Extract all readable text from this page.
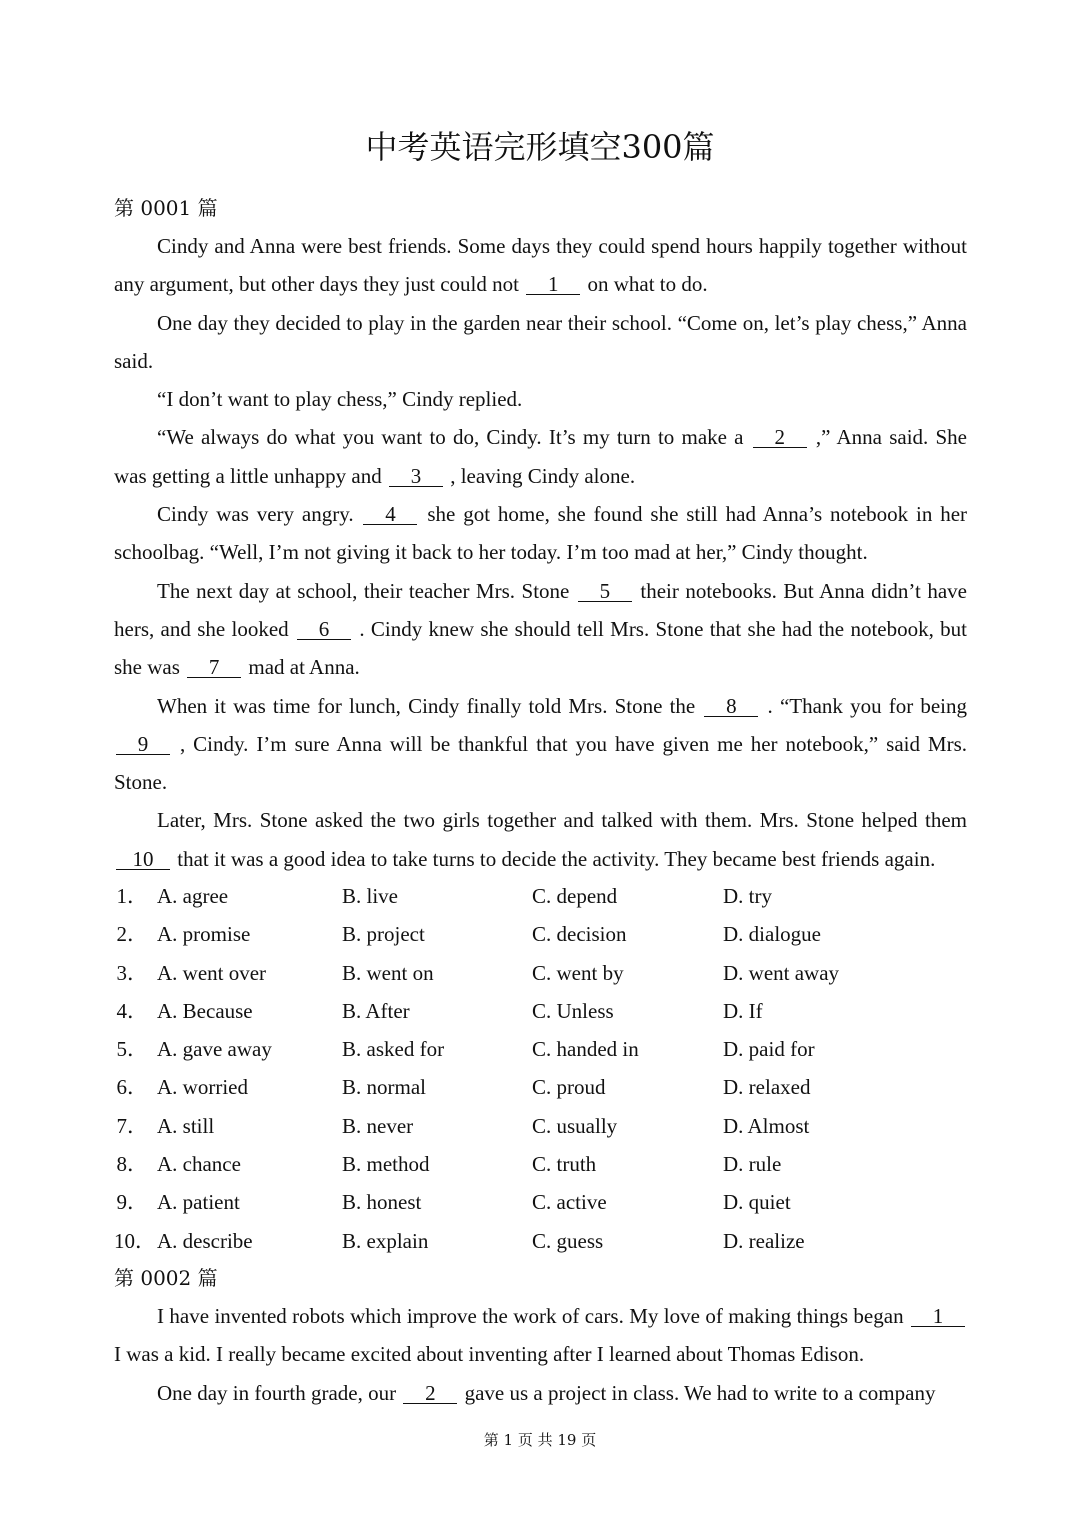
中考英语完形填空300篇
第 0001 篇

Cindy and Anna were best friends. Some days they could spend hours happily together without any argument, but other days they just could not 1 on what to do.

One day they decided to play in the garden near their school. “Come on, let’s play chess,” Anna said.

“I don’t want to play chess,” Cindy replied.

“We always do what you want to do, Cindy. It’s my turn to make a 2 ,” Anna said. She was getting a little unhappy and 3 , leaving Cindy alone.

Cindy was very angry. 4 she got home, she found she still had Anna’s notebook in her schoolbag. “Well, I’m not giving it back to her today. I’m too mad at her,” Cindy thought.

The next day at school, their teacher Mrs. Stone 5 their notebooks. But Anna didn’t have hers, and she looked 6 . Cindy knew she should tell Mrs. Stone that she had the notebook, but she was 7 mad at Anna.

When it was time for lunch, Cindy finally told Mrs. Stone the 8 . “Thank you for being 9 , Cindy. I’m sure Anna will be thankful that you have given me her notebook,” said Mrs. Stone.

Later, Mrs. Stone asked the two girls together and talked with them. Mrs. Stone helped them 10 that it was a good idea to take turns to decide the activity. They became best friends again.

1． A. agree	B. live	C. depend	D. try
2． A. promise	B. project	C. decision	D. dialogue
3． A. went over	B. went on	C. went by	D. went away
4． A. Because	B. After	C. Unless	D. If
5． A. gave away	B. asked for	C. handed in	D. paid for
6． A. worried	B. normal	C. proud	D. relaxed
7． A. still	B. never	C. usually	D. Almost
8． A. chance	B. method	C. truth	D. rule
9． A. patient	B. honest	C. active	D. quiet
10． A. describe	B. explain	C. guess	D. realize
第 0002 篇

I have invented robots which improve the work of cars. My love of making things began 1 I was a kid. I really became excited about inventing after I learned about Thomas Edison.

One day in fourth grade, our 2 gave us a project in class. We had to write to a company

第 1 页 共 19 页
